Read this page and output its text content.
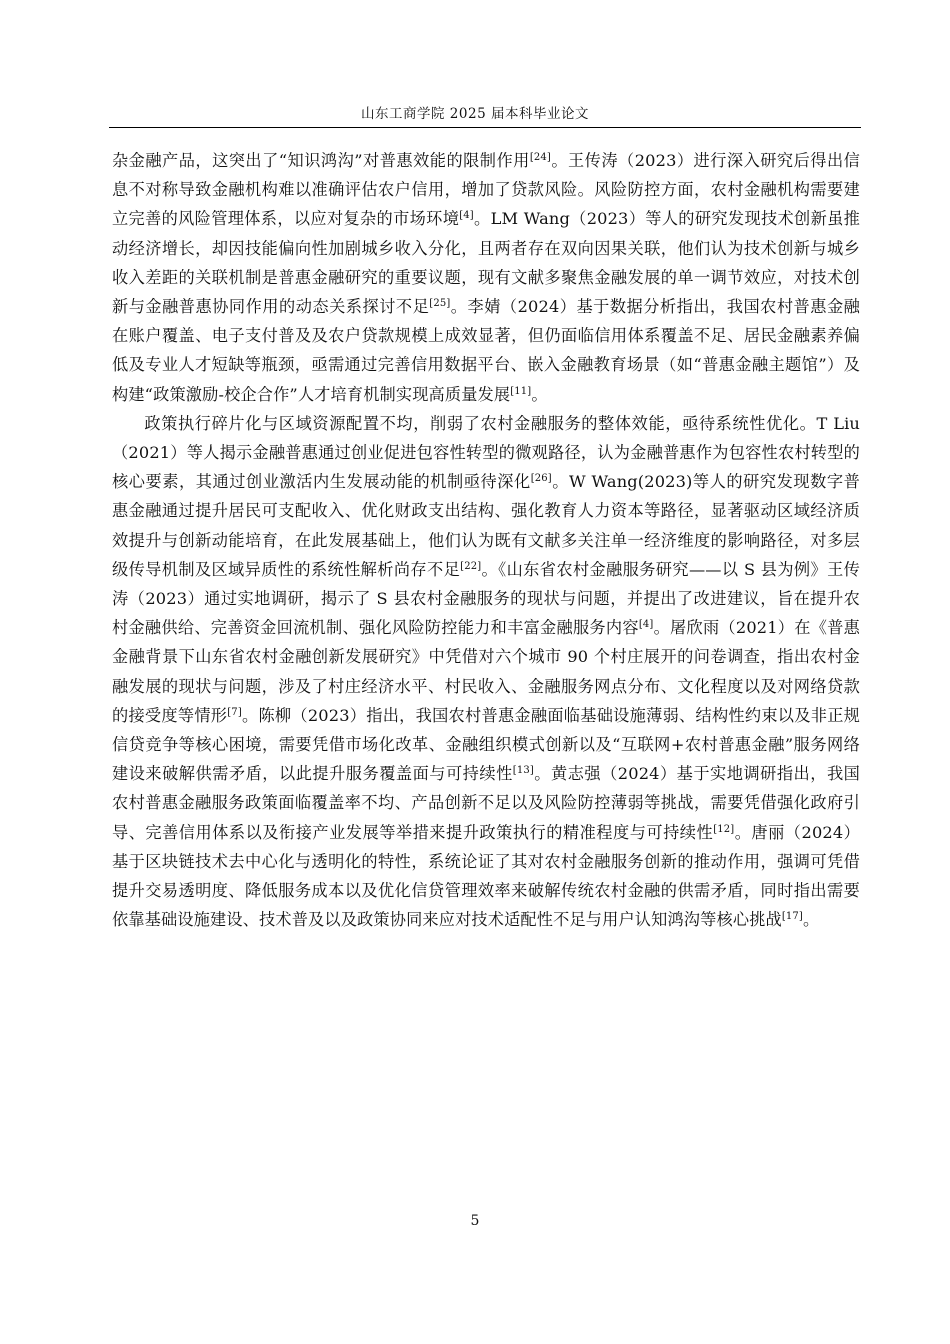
山东工商学院 2025 届本科毕业论文

杂金融产品，这突出了“知识鸿沟”对普惠效能的限制作用[24]。王传涛（2023）进行深入研究后得出信息不对称导致金融机构难以准确评估农户信用，增加了贷款风险。风险防控方面，农村金融机构需要建立完善的风险管理体系，以应对复杂的市场环境[4]。LM Wang（2023）等人的研究发现技术创新虽推动经济增长，却因技能偏向性加剧城乡收入分化，且两者存在双向因果关联，他们认为技术创新与城乡收入差距的关联机制是普惠金融研究的重要议题，现有文献多聚焦金融发展的单一调节效应，对技术创新与金融普惠协同作用的动态关系探讨不足[25]。李婧（2024）基于数据分析指出，我国农村普惠金融在账户覆盖、电子支付普及及农户贷款规模上成效显著，但仍面临信用体系覆盖不足、居民金融素养偏低及专业人才短缺等瓶颈，亟需通过完善信用数据平台、嵌入金融教育场景（如“普惠金融主题馆”）及构建“政策激励-校企合作”人才培育机制实现高质量发展[11]。

政策执行碎片化与区域资源配置不均，削弱了农村金融服务的整体效能，亟待系统性优化。T Liu（2021）等人揭示金融普惠通过创业促进包容性转型的微观路径，认为金融普惠作为包容性农村转型的核心要素，其通过创业激活内生发展动能的机制亟待深化[26]。W Wang(2023)等人的研究发现数字普惠金融通过提升居民可支配收入、优化财政支出结构、强化教育人力资本等路径，显著驱动区域经济质效提升与创新动能培育，在此发展基础上，他们认为既有文献多关注单一经济维度的影响路径，对多层级传导机制及区域异质性的系统性解析尚存不足[22]。《山东省农村金融服务研究——以 S 县为例》王传涛（2023）通过实地调研，揭示了 S 县农村金融服务的现状与问题，并提出了改进建议，旨在提升农村金融供给、完善资金回流机制、强化风险防控能力和丰富金融服务内容[4]。屠欣雨（2021）在《普惠金融背景下山东省农村金融创新发展研究》中凭借对六个城市 90 个村庄展开的问卷调查，指出农村金融发展的现状与问题，涉及了村庄经济水平、村民收入、金融服务网点分布、文化程度以及对网络贷款的接受度等情形[7]。陈柳（2023）指出，我国农村普惠金融面临基础设施薄弱、结构性约束以及非正规信贷竞争等核心困境，需要凭借市场化改革、金融组织模式创新以及“互联网+农村普惠金融”服务网络建设来破解供需矛盾，以此提升服务覆盖面与可持续性[13]。黄志强（2024）基于实地调研指出，我国农村普惠金融服务政策面临覆盖率不均、产品创新不足以及风险防控薄弱等挑战，需要凭借强化政府引导、完善信用体系以及衔接产业发展等举措来提升政策执行的精准程度与可持续性[12]。唐丽（2024）基于区块链技术去中心化与透明化的特性，系统论证了其对农村金融服务创新的推动作用，强调可凭借提升交易透明度、降低服务成本以及优化信贷管理效率来破解传统农村金融的供需矛盾，同时指出需要依靠基础设施建设、技术普及以及政策协同来应对技术适配性不足与用户认知鸿沟等核心挑战[17]。

5
